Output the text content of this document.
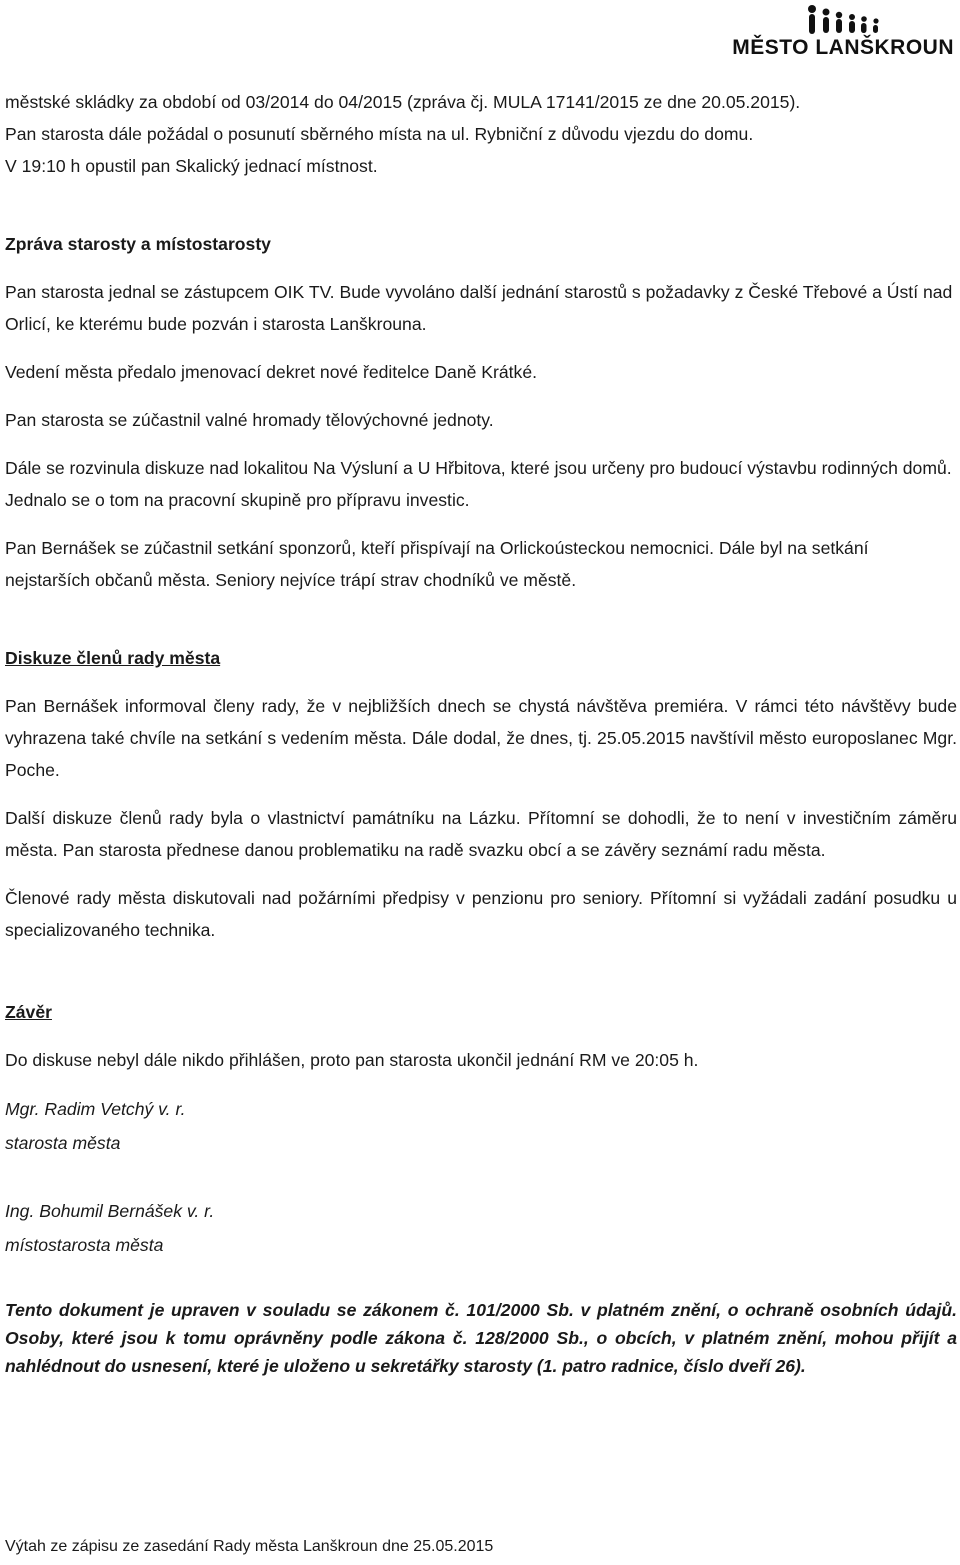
MĚSTO LANŠKROUN

městské skládky za období od 03/2014 do 04/2015 (zpráva čj. MULA 17141/2015 ze dne 20.05.2015).

Pan starosta dále požádal o posunutí sběrného místa na ul. Rybniční z důvodu vjezdu do domu.

V 19:10 h opustil pan Skalický jednací místnost.

Zpráva starosty a místostarosty

Pan starosta jednal se zástupcem OIK TV. Bude vyvoláno další jednání starostů s požadavky z České Třebové a Ústí nad Orlicí, ke kterému bude pozván i starosta Lanškrouna.

Vedení města předalo jmenovací dekret nové ředitelce Daně Krátké.

Pan starosta se zúčastnil valné hromady tělovýchovné jednoty.

Dále se rozvinula diskuze nad lokalitou Na Výsluní a U Hřbitova, které jsou určeny pro budoucí výstavbu rodinných domů. Jednalo se o tom na pracovní skupině pro přípravu investic.

Pan Bernášek se zúčastnil setkání sponzorů, kteří přispívají na Orlickoústeckou nemocnici. Dále byl na setkání nejstarších občanů města. Seniory nejvíce trápí strav chodníků ve městě.

Diskuze členů rady města

Pan Bernášek informoval členy rady, že v nejbližších dnech se chystá návštěva premiéra. V rámci této návštěvy bude vyhrazena také chvíle na setkání s vedením města. Dále dodal, že dnes, tj. 25.05.2015 navštívil město europoslanec Mgr. Poche.

Další diskuze členů rady byla o vlastnictví památníku na Lázku. Přítomní se dohodli, že to není v investičním záměru města. Pan starosta přednese danou problematiku na radě svazku obcí a se závěry seznámí radu města.

Členové rady města diskutovali nad požárními předpisy v penzionu pro seniory. Přítomní si vyžádali zadání posudku u specializovaného technika.

Závěr

Do diskuse nebyl dále nikdo přihlášen, proto pan starosta ukončil jednání RM ve 20:05 h.

Mgr. Radim Vetchý v. r.

starosta města

Ing. Bohumil Bernášek v. r.

místostarosta města

Tento dokument je upraven v souladu se zákonem č. 101/2000 Sb. v platném znění, o ochraně osobních údajů. Osoby, které jsou k tomu oprávněny podle zákona č. 128/2000 Sb., o obcích, v platném znění, mohou přijít a nahlédnout do usnesení, které je uloženo u sekretářky starosty (1. patro radnice, číslo dveří 26).

Výtah ze zápisu ze zasedání Rady města Lanškroun dne 25.05.2015
